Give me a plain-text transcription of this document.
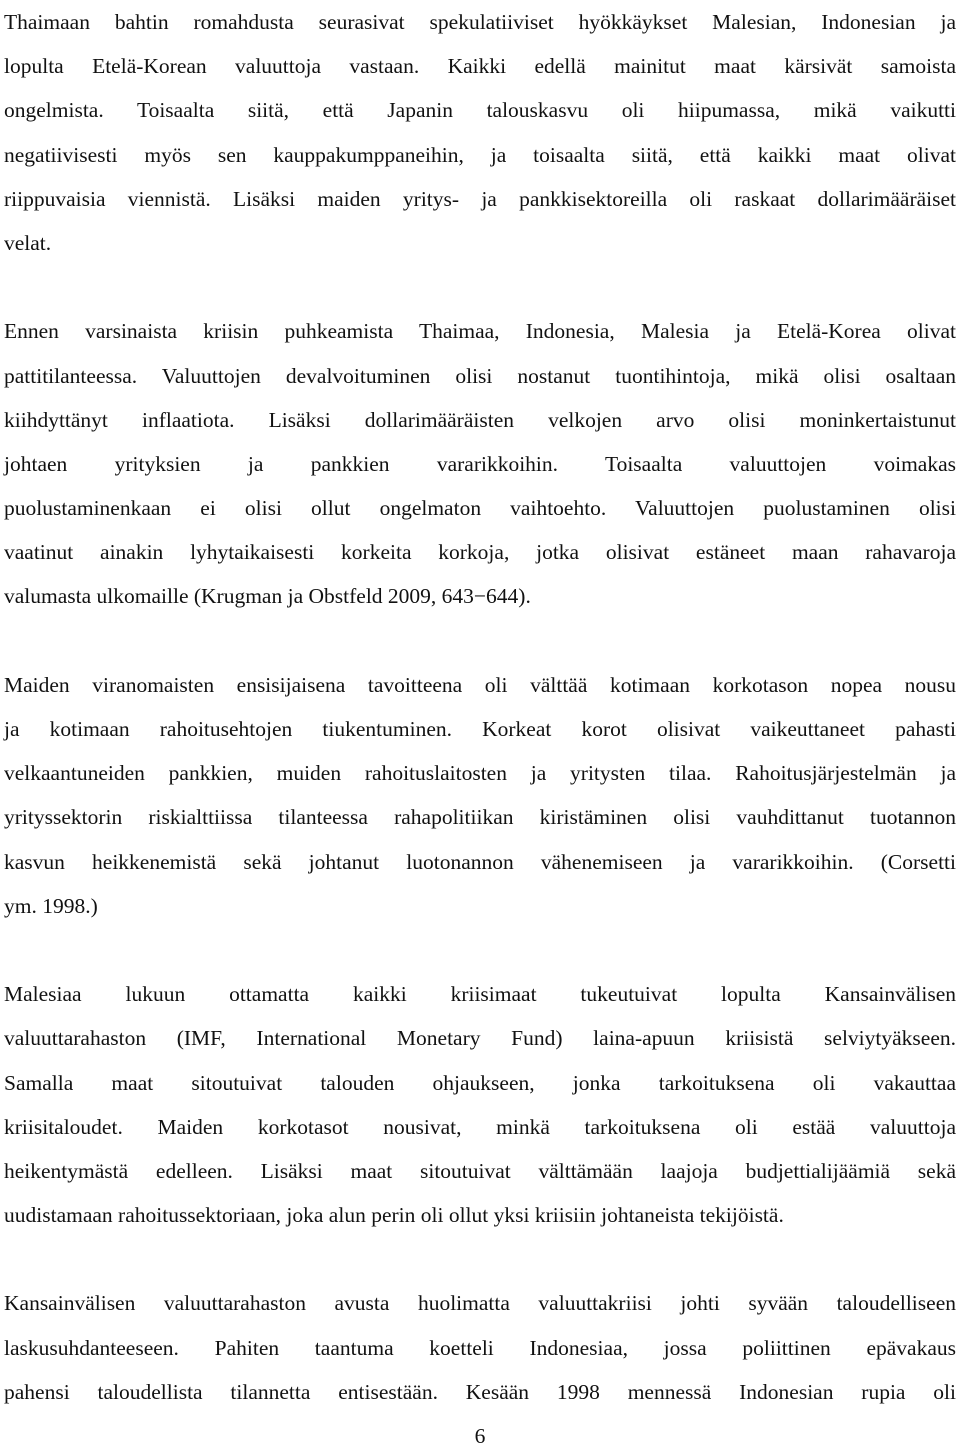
Thaimaan bahtin romahdusta seurasivat spekulatiiviset hyökkäykset Malesian, Indonesian ja
lopulta Etelä-Korean valuuttoja vastaan. Kaikki edellä mainitut maat kärsivät samoista
ongelmista. Toisaalta siitä, että Japanin talouskasvu oli hiipumassa, mikä vaikutti
negatiivisesti myös sen kauppakumppaneihin, ja toisaalta siitä, että kaikki maat olivat
riippuvaisia viennistä. Lisäksi maiden yritys- ja pankkisektoreilla oli raskaat dollarimääräiset
velat.

Ennen varsinaista kriisin puhkeamista Thaimaa, Indonesia, Malesia ja Etelä-Korea olivat
pattitilanteessa. Valuuttojen devalvoituminen olisi nostanut tuontihintoja, mikä olisi osaltaan
kiihdyttänyt inflaatiota. Lisäksi dollarimääräisten velkojen arvo olisi moninkertaistunut
johtaen yrityksien ja pankkien vararikkoihin. Toisaalta valuuttojen voimakas
puolustaminenkaan ei olisi ollut ongelmaton vaihtoehto. Valuuttojen puolustaminen olisi
vaatinut ainakin lyhytaikaisesti korkeita korkoja, jotka olisivat estäneet maan rahavaroja
valumasta ulkomaille (Krugman ja Obstfeld 2009, 643−644).

Maiden viranomaisten ensisijaisena tavoitteena oli välttää kotimaan korkotason nopea nousu
ja kotimaan rahoitusehtojen tiukentuminen. Korkeat korot olisivat vaikeuttaneet pahasti
velkaantuneiden pankkien, muiden rahoituslaitosten ja yritysten tilaa. Rahoitusjärjestelmän ja
yrityssektorin riskialttiissa tilanteessa rahapolitiikan kiristäminen olisi vauhdittanut tuotannon
kasvun heikkenemistä sekä johtanut luotonannon vähenemiseen ja vararikkoihin. (Corsetti
ym. 1998.)

Malesiaa lukuun ottamatta kaikki kriisimaat tukeutuivat lopulta Kansainvälisen
valuuttarahaston (IMF, International Monetary Fund) laina-apuun kriisistä selviytyäkseen.
Samalla maat sitoutuivat talouden ohjaukseen, jonka tarkoituksena oli vakauttaa
kriisitaloudet. Maiden korkotasot nousivat, minkä tarkoituksena oli estää valuuttoja
heikentymästä edelleen. Lisäksi maat sitoutuivat välttämään laajoja budjettialijäämiä sekä
uudistamaan rahoitussektoriaan, joka alun perin oli ollut yksi kriisiin johtaneista tekijöistä.

Kansainvälisen valuuttarahaston avusta huolimatta valuuttakriisi johti syvään taloudelliseen
laskusuhdanteeseen. Pahiten taantuma koetteli Indonesiaa, jossa poliittinen epävakaus
pahensi taloudellista tilannetta entisestään. Kesään 1998 mennessä Indonesian rupia oli

6
